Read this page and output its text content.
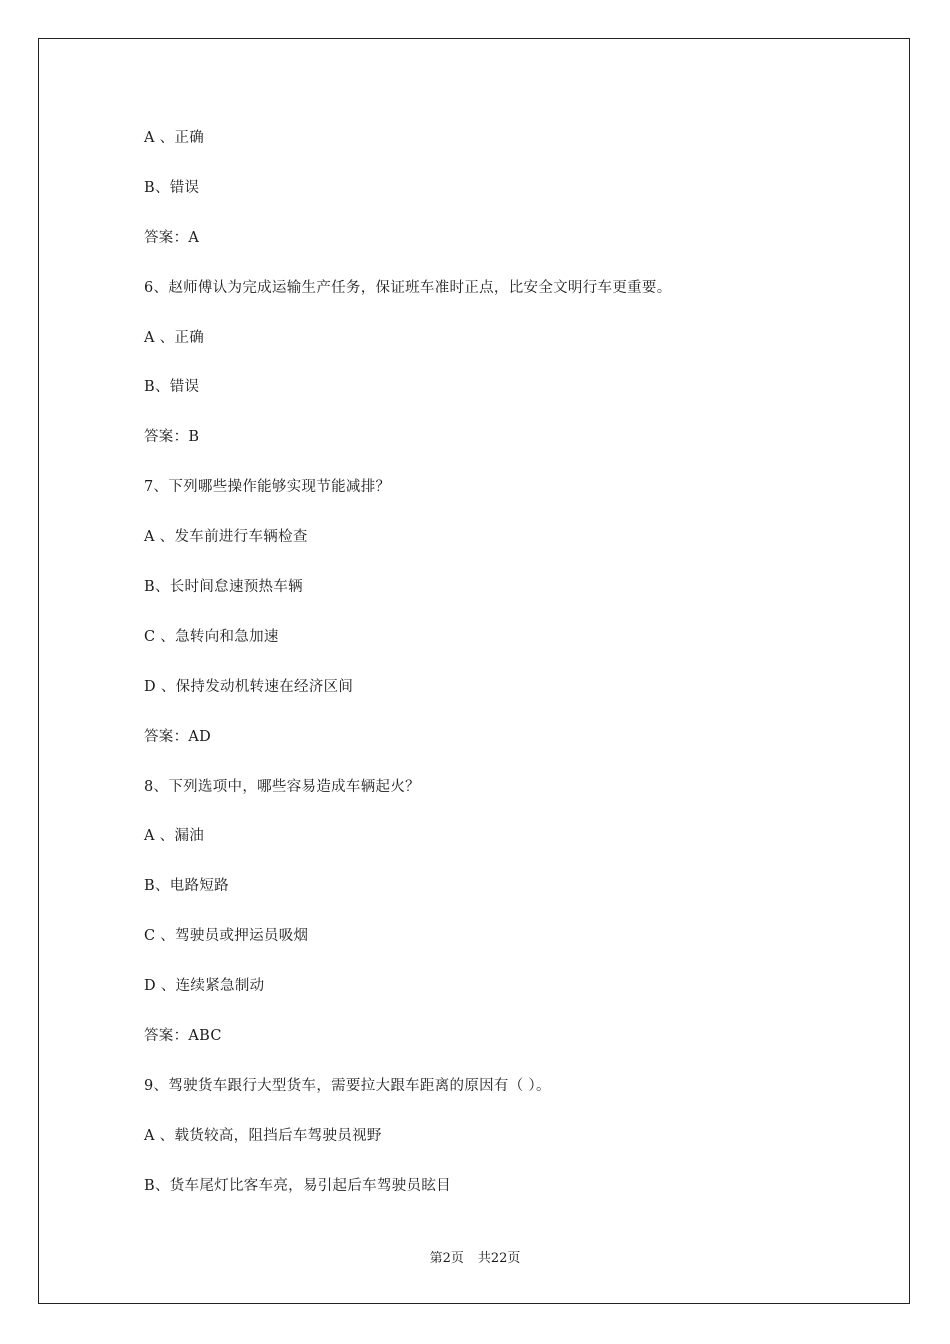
A 、正确
B、错误
答案：A
6、赵师傅认为完成运输生产任务，保证班车准时正点，比安全文明行车更重要。
A 、正确
B、错误
答案：B
7、下列哪些操作能够实现节能减排？
A 、发车前进行车辆检查
B、长时间怠速预热车辆
C 、急转向和急加速
D 、保持发动机转速在经济区间
答案：AD
8、下列选项中，哪些容易造成车辆起火？
A 、漏油
B、电路短路
C 、驾驶员或押运员吸烟
D 、连续紧急制动
答案：ABC
9、驾驶货车跟行大型货车，需要拉大跟车距离的原因有（ ）。
A 、载货较高，阻挡后车驾驶员视野
B、货车尾灯比客车亮，易引起后车驾驶员眩目
第2页 共22页
